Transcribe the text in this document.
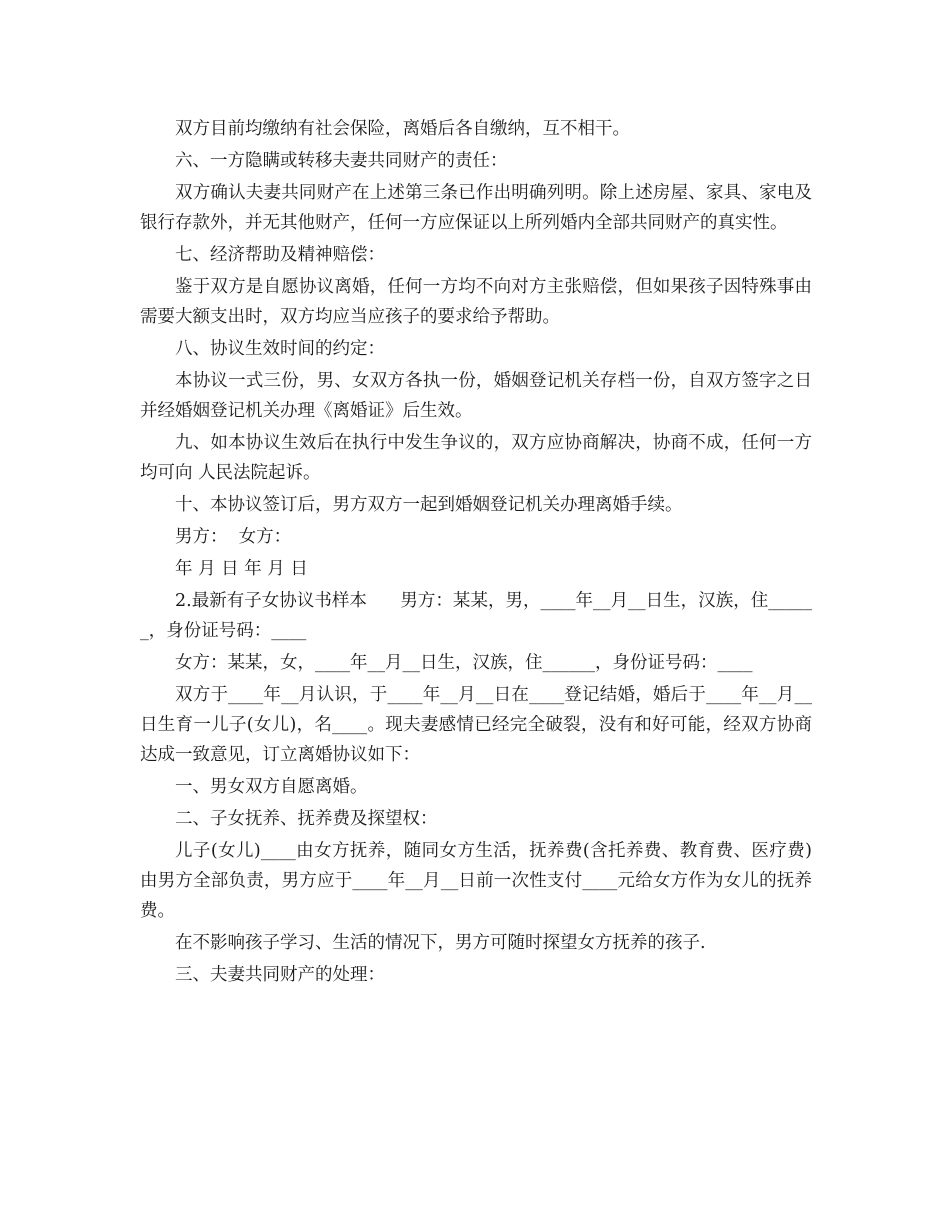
双方目前均缴纳有社会保险，离婚后各自缴纳，互不相干。

六、一方隐瞒或转移夫妻共同财产的责任：

双方确认夫妻共同财产在上述第三条已作出明确列明。除上述房屋、家具、家电及银行存款外，并无其他财产，任何一方应保证以上所列婚内全部共同财产的真实性。

七、经济帮助及精神赔偿：

鉴于双方是自愿协议离婚，任何一方均不向对方主张赔偿，但如果孩子因特殊事由需要大额支出时，双方均应当应孩子的要求给予帮助。

八、协议生效时间的约定：

本协议一式三份，男、女双方各执一份，婚姻登记机关存档一份，自双方签字之日并经婚姻登记机关办理《离婚证》后生效。

九、如本协议生效后在执行中发生争议的，双方应协商解决，协商不成，任何一方均可向 人民法院起诉。

十、本协议签订后，男方双方一起到婚姻登记机关办理离婚手续。

男方：  女方：

年 月 日 年 月 日

2.最新有子女协议书样本      男方：某某，男，____年__月__日生，汉族，住______，身份证号码：____

女方：某某，女，____年__月__日生，汉族，住______，身份证号码：____

双方于____年__月认识，于____年__月__日在____登记结婚，婚后于____年__月__日生育一儿子(女儿)，名____。现夫妻感情已经完全破裂，没有和好可能，经双方协商达成一致意见，订立离婚协议如下：

一、男女双方自愿离婚。

二、子女抚养、抚养费及探望权：

儿子(女儿)____由女方抚养，随同女方生活，抚养费(含托养费、教育费、医疗费)由男方全部负责，男方应于____年__月__日前一次性支付____元给女方作为女儿的抚养费。

在不影响孩子学习、生活的情况下，男方可随时探望女方抚养的孩子.

三、夫妻共同财产的处理：
